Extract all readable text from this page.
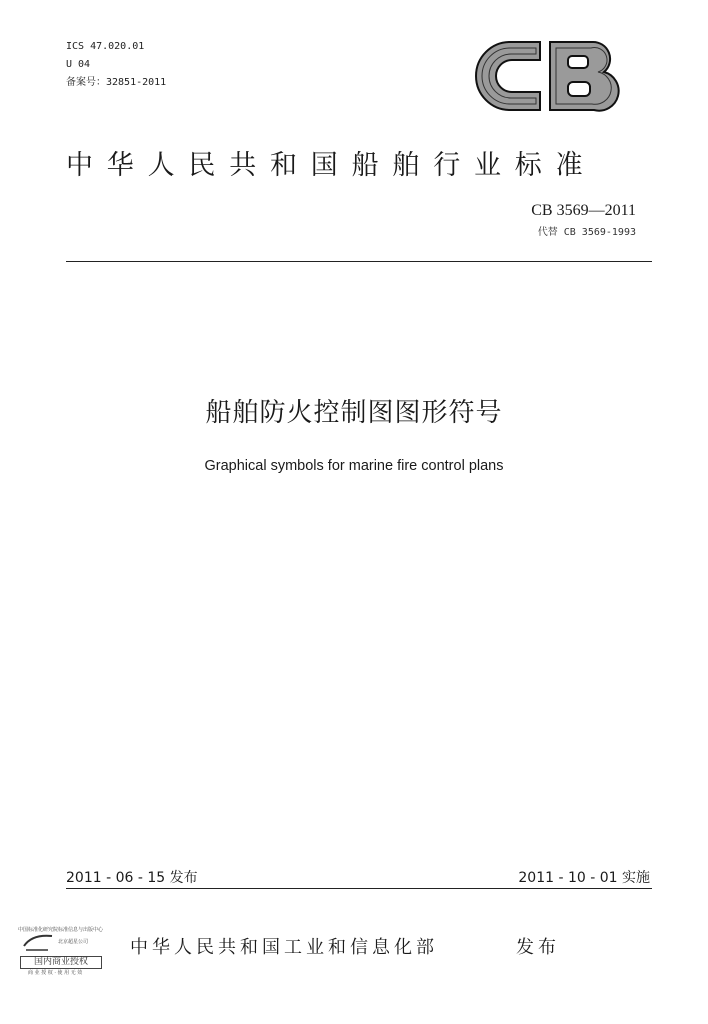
ICS 47.020.01
U 04
备案号：32851-2011
中华人民共和国船舶行业标准
CB 3569—2011
代替 CB 3569-1993
船舶防火控制图图形符号
Graphical symbols for marine fire control plans
2011 - 06 - 15 发布	2011 - 10 - 01 实施
中国标准化研究院标准信息与出版中心
北京超星公司
国内商业授权
商 业 授 权 · 使 用 无 效
中华人民共和国工业和信息化部	发布
